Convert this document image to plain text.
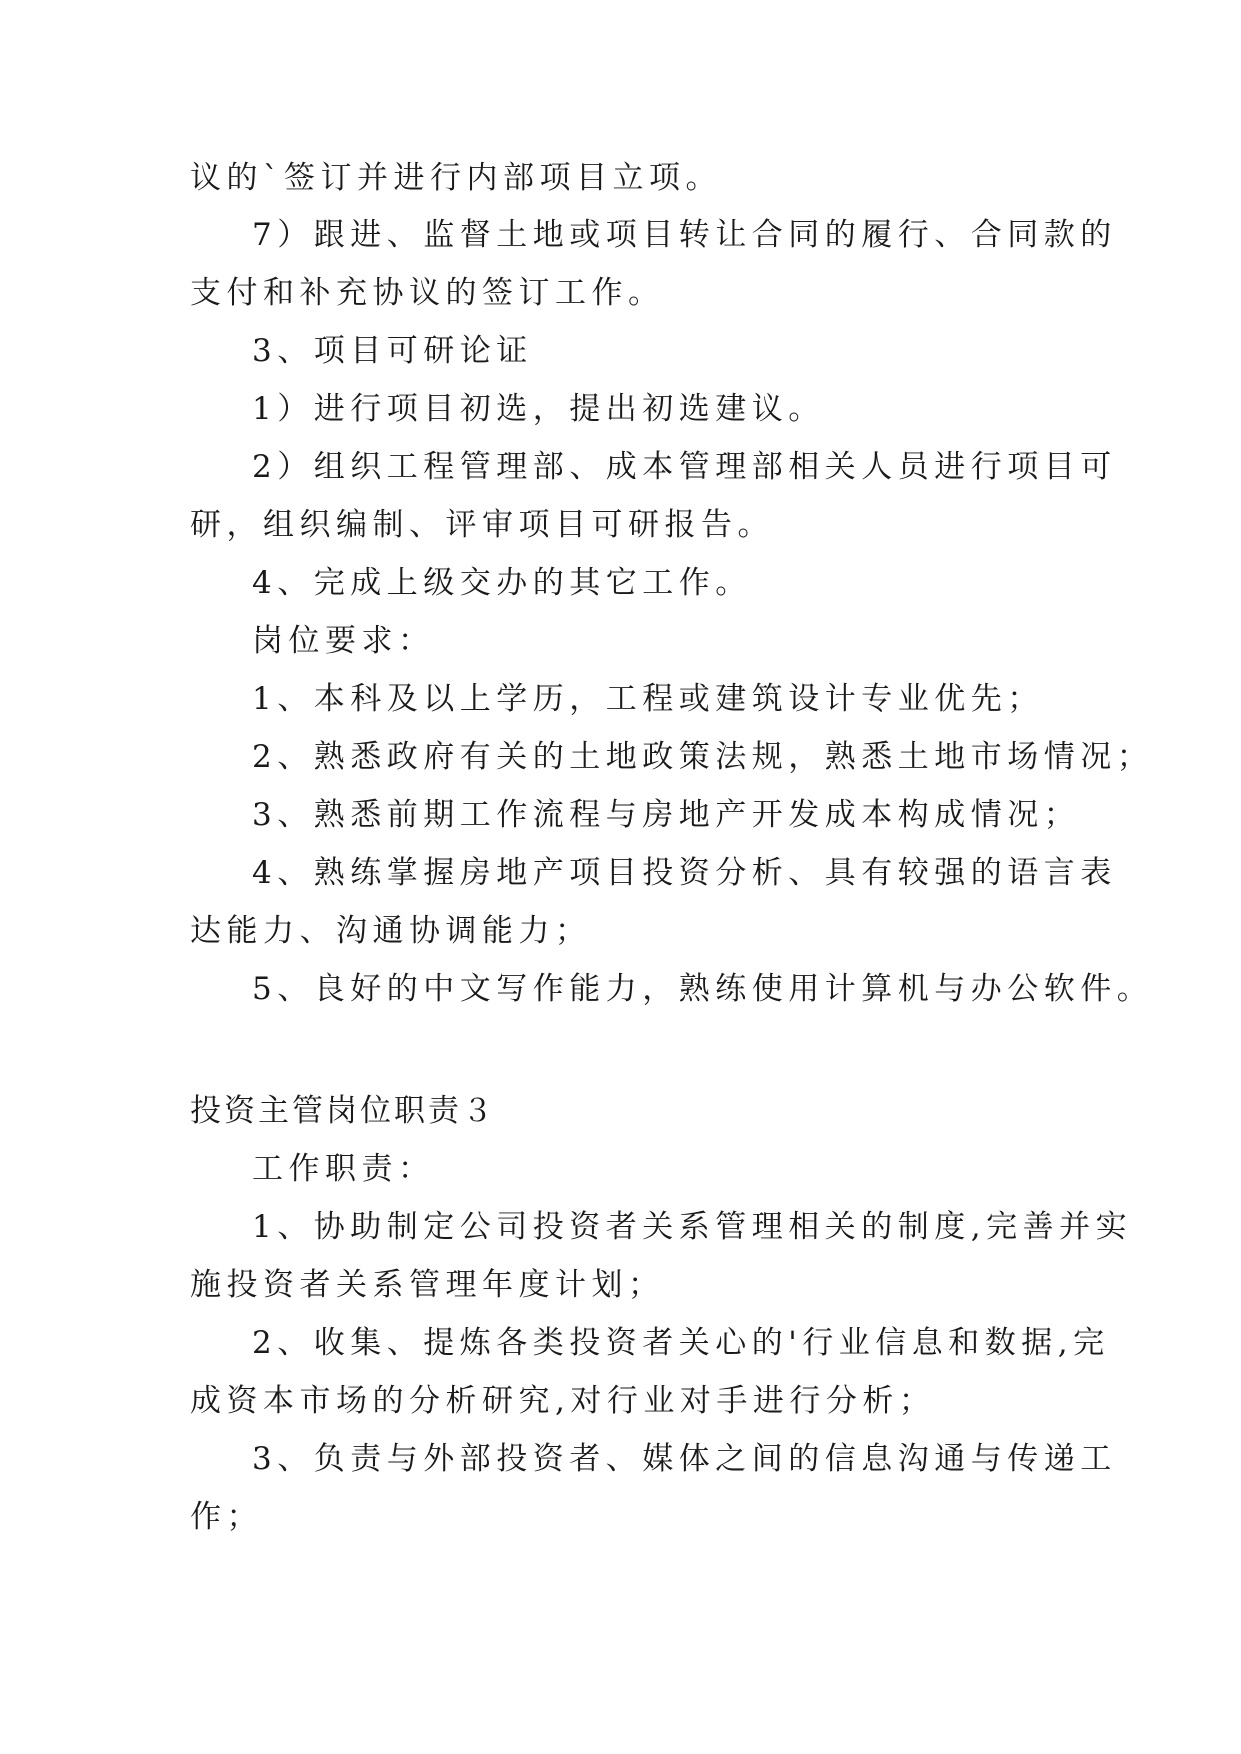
议的`签订并进行内部项目立项。
7）跟进、监督土地或项目转让合同的履行、合同款的
支付和补充协议的签订工作。
3、项目可研论证
1）进行项目初选，提出初选建议。
2）组织工程管理部、成本管理部相关人员进行项目可
研，组织编制、评审项目可研报告。
4、完成上级交办的其它工作。
岗位要求：
1、本科及以上学历，工程或建筑设计专业优先；
2、熟悉政府有关的土地政策法规，熟悉土地市场情况；
3、熟悉前期工作流程与房地产开发成本构成情况；
4、熟练掌握房地产项目投资分析、具有较强的语言表
达能力、沟通协调能力；
5、良好的中文写作能力，熟练使用计算机与办公软件。
投资主管岗位职责３
工作职责：
1、协助制定公司投资者关系管理相关的制度,完善并实
施投资者关系管理年度计划；
2、收集、提炼各类投资者关心的'行业信息和数据,完
成资本市场的分析研究,对行业对手进行分析；
3、负责与外部投资者、媒体之间的信息沟通与传递工
作；
